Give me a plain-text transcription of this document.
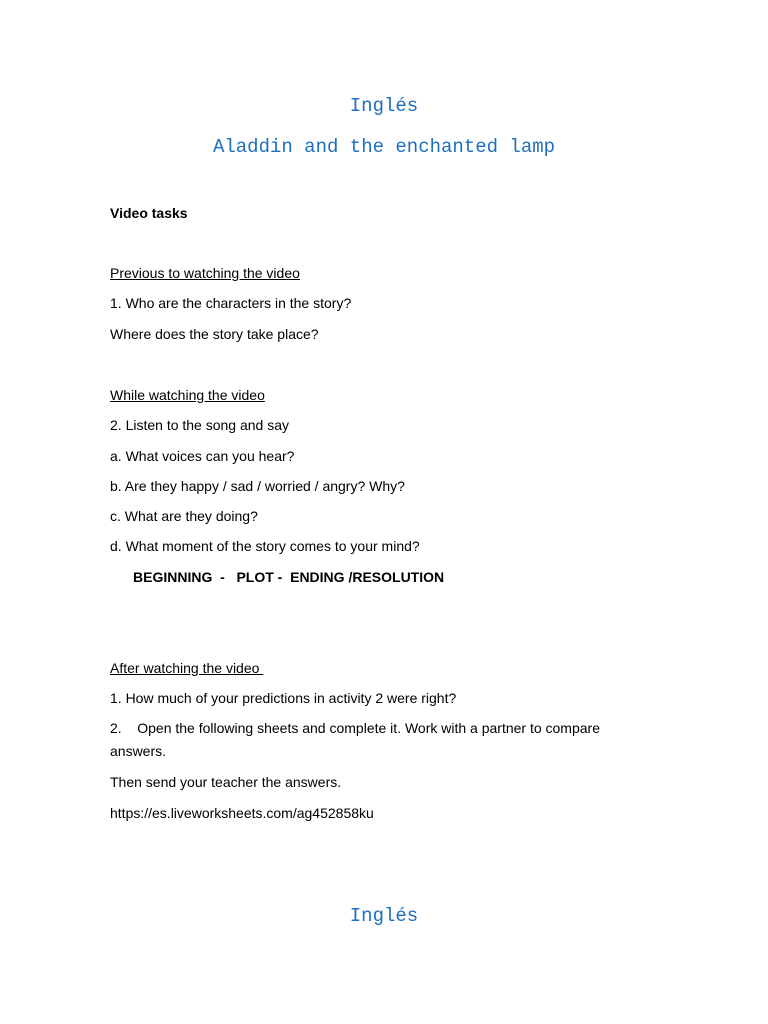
Inglés
Aladdin and the enchanted lamp
Video tasks
Previous to watching the video
1. Who are the characters in the story?
Where does the story take place?
While watching the video
2. Listen to the song and say
a. What voices can you hear?
b. Are they happy / sad / worried / angry? Why?
c. What are they doing?
d. What moment of the story comes to your mind?
BEGINNING  -   PLOT -  ENDING /RESOLUTION
After watching the video
1. How much of your predictions in activity 2 were right?
2.    Open the following sheets and complete it. Work with a partner to compare answers.
Then send your teacher the answers.
https://es.liveworksheets.com/ag452858ku
Inglés
